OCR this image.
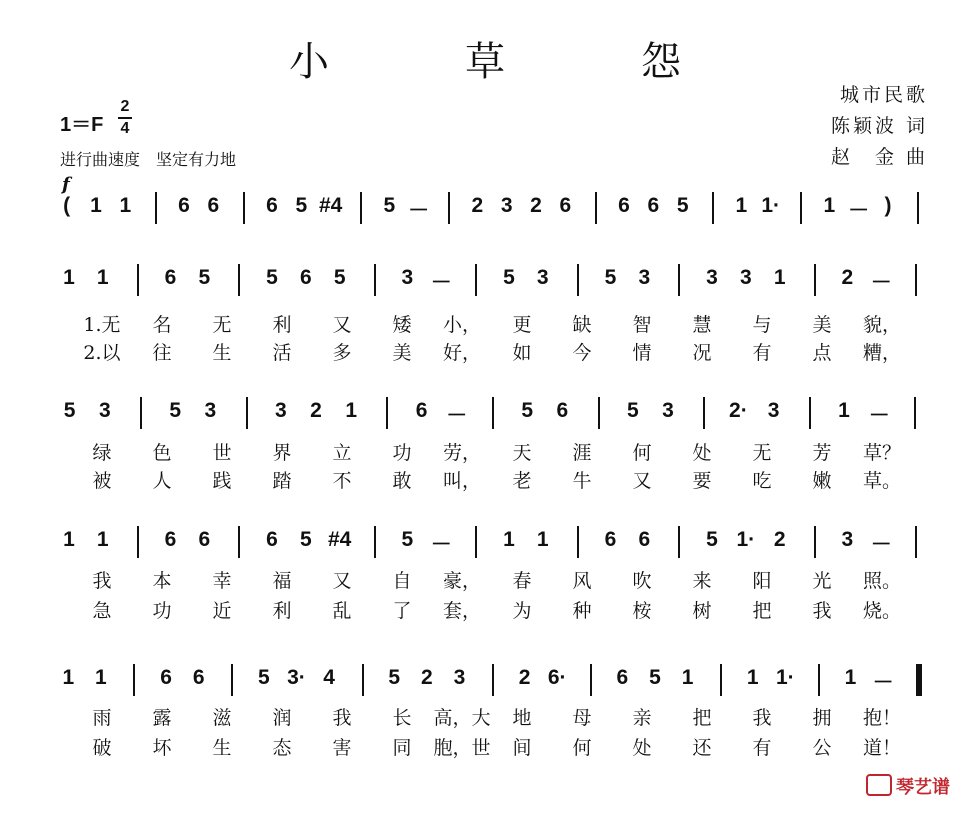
小　草　怨
1＝F
2
4
进行曲速度　坚定有力地
城市民歌
陈颖波 词
赵　金 曲
f
( 1 1 6 6 6 5 #4 5 － 2 3 2 6 6 6 5 1 1· 1 － )
1 1	6 5	5 6 5	3 － 5 3	5 3	3 3 1	2 －
5 3	5 3	3 2 1	6 －	5 6	5 3	2· 3	1 －
1 1	6 6	6 5 #4 5 － 1 1	6 6	5 1· 2	3 －
1 1	6 6	5 3· 4	5 2 3	2 6· 6 5 1	1 1· 1 －
1.无 名 无 利 又 矮 小， 更 缺 智 慧 与 美 貌，
2.以 往 生 活 多 美 好， 如 今 情 况 有 点 糟，
绿 色 世 界 立 功 劳， 天 涯 何 处 无 芳 草？
被 人 践 踏 不 敢 叫， 老 牛 又 要 吃 嫩 草。
我 本 幸 福 又 自 豪， 春 风 吹 来 阳 光 照。
急 功 近 利 乱 了 套， 为 种 桉 树 把 我 烧。
雨 露 滋 润 我 长 高，大 地 母 亲 把 我 拥 抱！
破 坏 生 态 害 同 胞，世 间 何 处 还 有 公 道！
琴艺谱
